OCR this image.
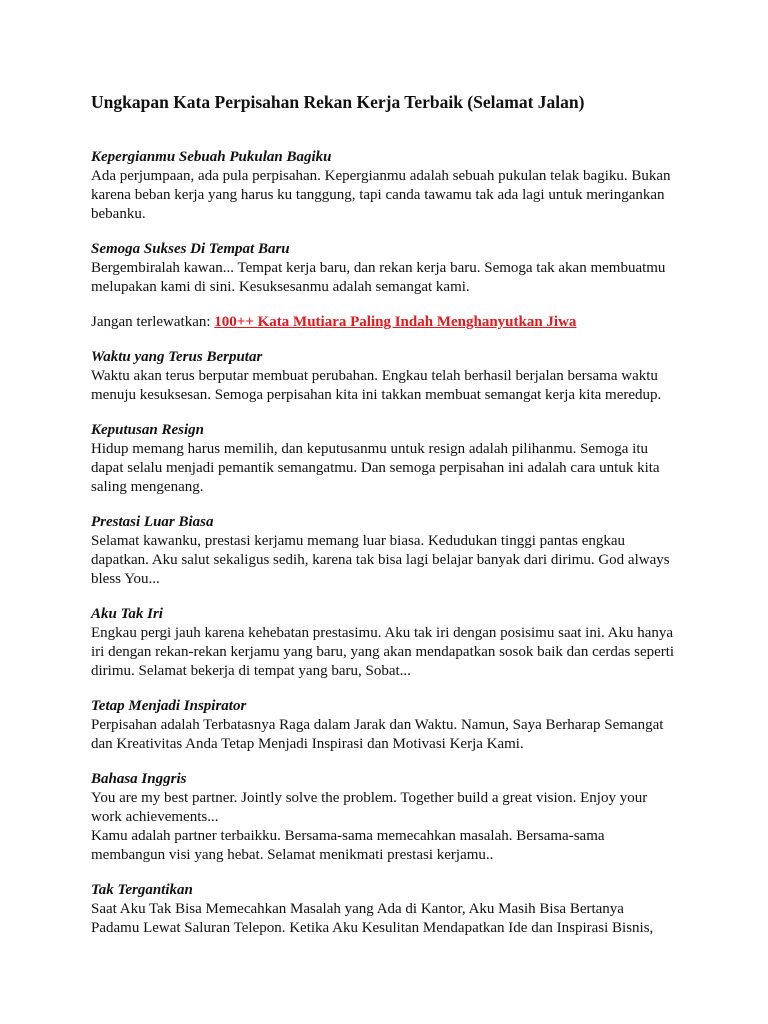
Ungkapan Kata Perpisahan Rekan Kerja Terbaik (Selamat Jalan)
Kepergianmu Sebuah Pukulan Bagiku
Ada perjumpaan, ada pula perpisahan. Kepergianmu adalah sebuah pukulan telak bagiku. Bukan
karena beban kerja yang harus ku tanggung, tapi canda tawamu tak ada lagi untuk meringankan
bebanku.
Semoga Sukses Di Tempat Baru
Bergembiralah kawan... Tempat kerja baru, dan rekan kerja baru. Semoga tak akan membuatmu
melupakan kami di sini. Kesuksesanmu adalah semangat kami.
Jangan terlewatkan: 100++ Kata Mutiara Paling Indah Menghanyutkan Jiwa
Waktu yang Terus Berputar
Waktu akan terus berputar membuat perubahan. Engkau telah berhasil berjalan bersama waktu
menuju kesuksesan. Semoga perpisahan kita ini takkan membuat semangat kerja kita meredup.
Keputusan Resign
Hidup memang harus memilih, dan keputusanmu untuk resign adalah pilihanmu. Semoga itu
dapat selalu menjadi pemantik semangatmu. Dan semoga perpisahan ini adalah cara untuk kita
saling mengenang.
Prestasi Luar Biasa
Selamat kawanku, prestasi kerjamu memang luar biasa. Kedudukan tinggi pantas engkau
dapatkan. Aku salut sekaligus sedih, karena tak bisa lagi belajar banyak dari dirimu. God always
bless You...
Aku Tak Iri
Engkau pergi jauh karena kehebatan prestasimu. Aku tak iri dengan posisimu saat ini. Aku hanya
iri dengan rekan-rekan kerjamu yang baru, yang akan mendapatkan sosok baik dan cerdas seperti
dirimu. Selamat bekerja di tempat yang baru, Sobat...
Tetap Menjadi Inspirator
Perpisahan adalah Terbatasnya Raga dalam Jarak dan Waktu. Namun, Saya Berharap Semangat
dan Kreativitas Anda Tetap Menjadi Inspirasi dan Motivasi Kerja Kami.
Bahasa Inggris
You are my best partner. Jointly solve the problem. Together build a great vision. Enjoy your
work achievements...
Kamu adalah partner terbaikku. Bersama-sama memecahkan masalah. Bersama-sama
membangun visi yang hebat. Selamat menikmati prestasi kerjamu..
Tak Tergantikan
Saat Aku Tak Bisa Memecahkan Masalah yang Ada di Kantor, Aku Masih Bisa Bertanya
Padamu Lewat Saluran Telepon. Ketika Aku Kesulitan Mendapatkan Ide dan Inspirasi Bisnis,
